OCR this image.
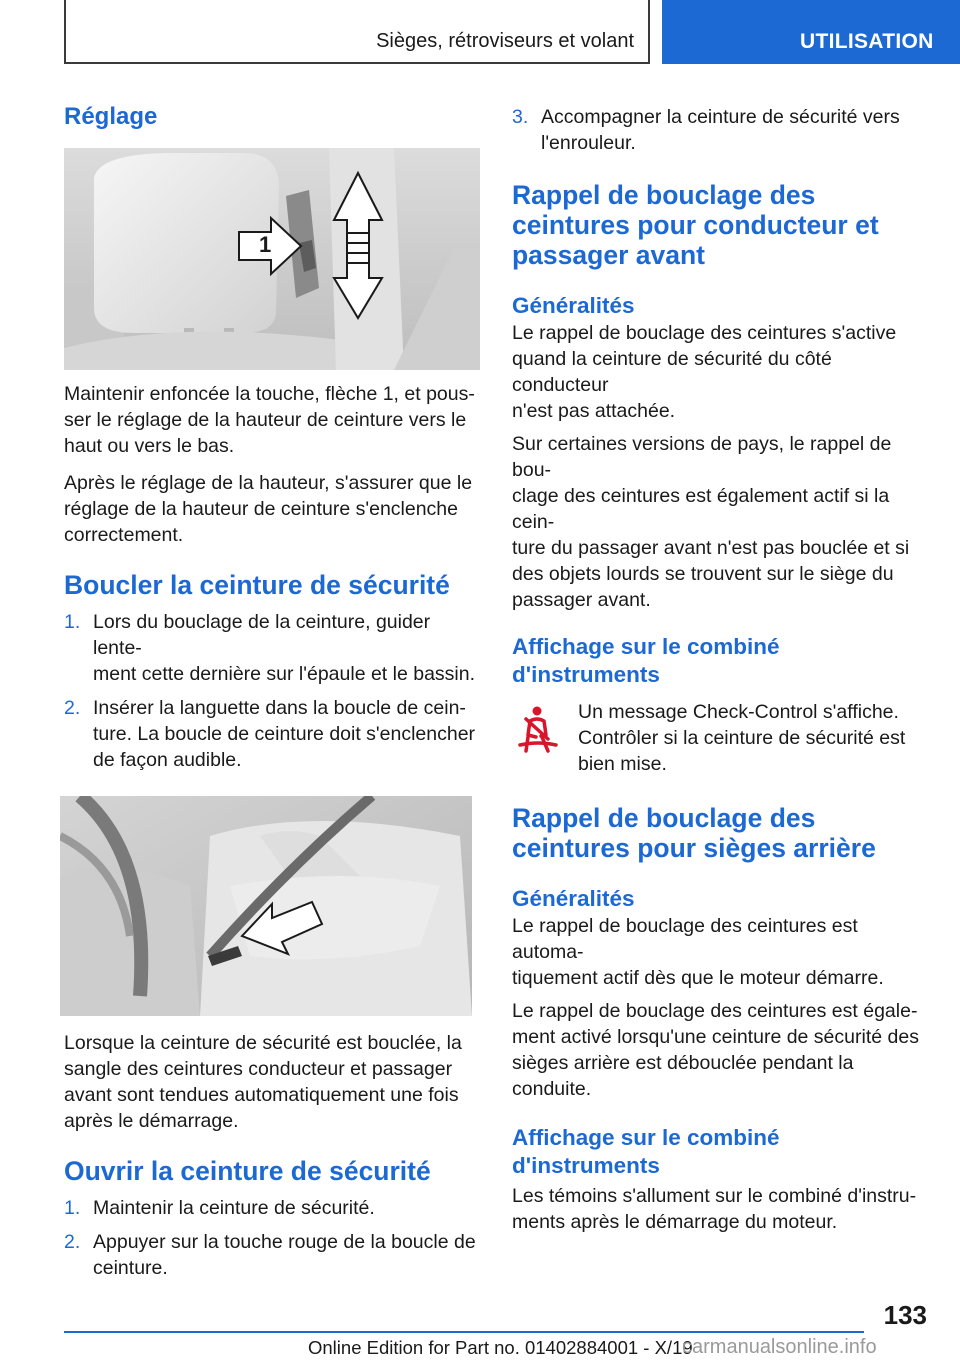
Sièges, rétroviseurs et volant	UTILISATION
Réglage
1

Maintenir enfoncée la touche, flèche 1, et pous-
ser le réglage de la hauteur de ceinture vers le
haut ou vers le bas.

Après le réglage de la hauteur, s'assurer que le
réglage de la hauteur de ceinture s'enclenche
correctement.

Boucler la ceinture de sécurité
1. Lors du bouclage de la ceinture, guider lente-
ment cette dernière sur l'épaule et le bassin.
2. Insérer la languette dans la boucle de cein-
ture. La boucle de ceinture doit s'enclencher
de façon audible.

Lorsque la ceinture de sécurité est bouclée, la
sangle des ceintures conducteur et passager
avant sont tendues automatiquement une fois
après le démarrage.

Ouvrir la ceinture de sécurité
1. Maintenir la ceinture de sécurité.
2. Appuyer sur la touche rouge de la boucle de
ceinture.
3. Accompagner la ceinture de sécurité vers
l'enrouleur.
Rappel de bouclage des
ceintures pour conducteur et
passager avant
Généralités

Le rappel de bouclage des ceintures s'active
quand la ceinture de sécurité du côté conducteur
n'est pas attachée.

Sur certaines versions de pays, le rappel de bou-
clage des ceintures est également actif si la cein-
ture du passager avant n'est pas bouclée et si
des objets lourds se trouvent sur le siège du
passager avant.

Affichage sur le combiné
d'instruments

Un message Check-Control s'affiche.
Contrôler si la ceinture de sécurité est
bien mise.

Rappel de bouclage des
ceintures pour sièges arrière
Généralités

Le rappel de bouclage des ceintures est automa-
tiquement actif dès que le moteur démarre.

Le rappel de bouclage des ceintures est égale-
ment activé lorsqu'une ceinture de sécurité des
sièges arrière est débouclée pendant la conduite.

Affichage sur le combiné
d'instruments

Les témoins s'allument sur le combiné d'instru-
ments après le démarrage du moteur.

133
Online Edition for Part no. 01402884001 - X/19
carmanualsonline.info
